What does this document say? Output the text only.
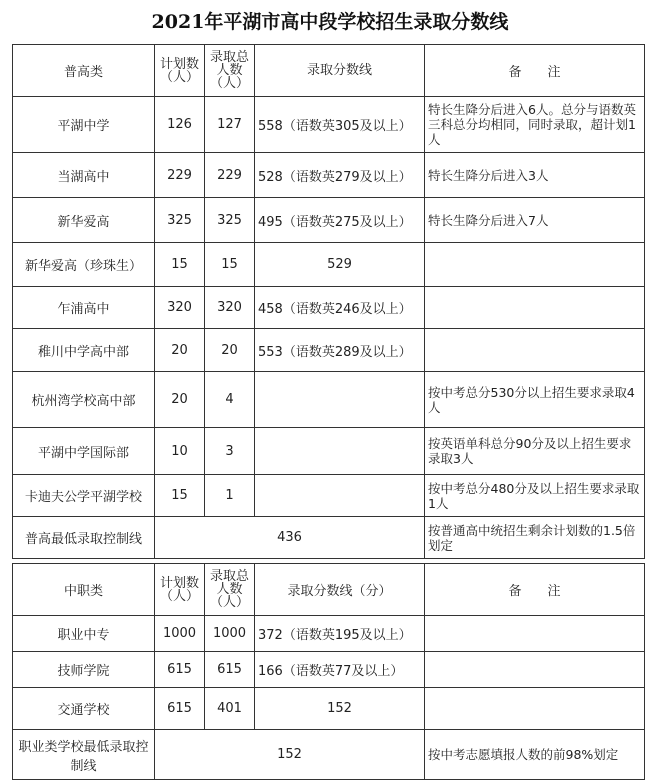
2021年平湖市高中段学校招生录取分数线
普高类	计划数（人）	录取总人数（人）	录取分数线	备　　注
平湖中学	126	127	558（语数英305及以上）	特长生降分后进入6人。总分与语数英三科总分均相同，同时录取，超计划1人
当湖高中	229	229	528（语数英279及以上）	特长生降分后进入3人
新华爱高	325	325	495（语数英275及以上）	特长生降分后进入7人
新华爱高（珍珠生）	15	15	529	
乍浦高中	320	320	458（语数英246及以上）	
稚川中学高中部	20	20	553（语数英289及以上）	
杭州湾学校高中部	20	4		按中考总分530分以上招生要求录取4人
平湖中学国际部	10	3		按英语单科总分90分及以上招生要求录取3人
卡迪夫公学平湖学校	15	1		按中考总分480分及以上招生要求录取1人
普高最低录取控制线	436			按普通高中统招生剩余计划数的1.5倍划定
中职类	计划数（人）	录取总人数（人）	录取分数线（分）	备　　注
职业中专	1000	1000	372（语数英195及以上）	
技师学院	615	615	166（语数英77及以上）	
交通学校	615	401	152	
职业类学校最低录取控制线	152			按中考志愿填报人数的前98%划定
